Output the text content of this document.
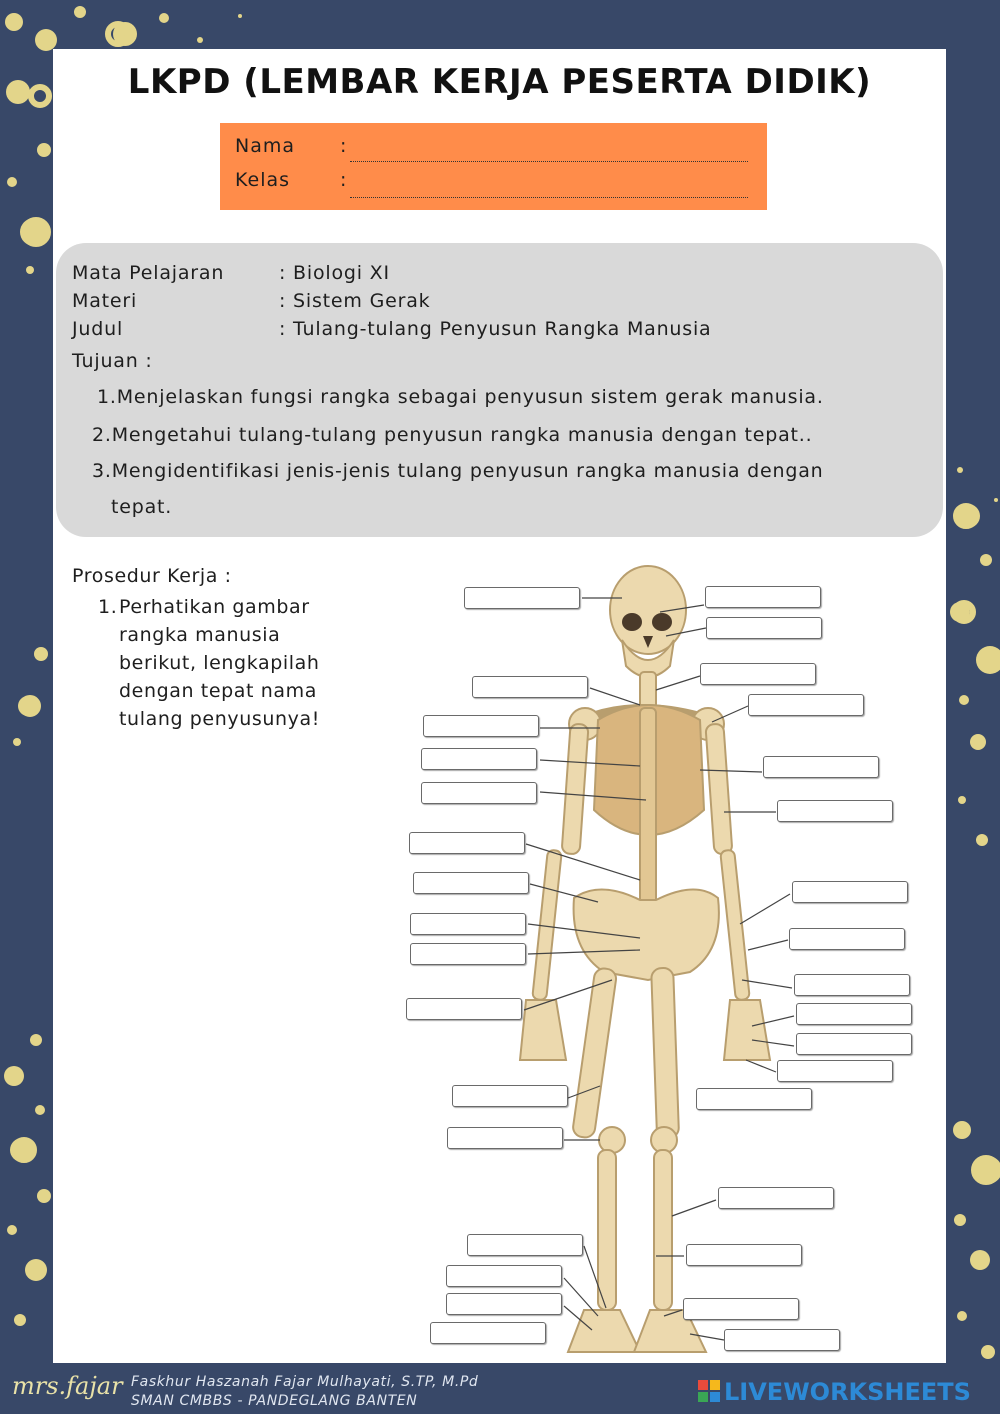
LKPD (LEMBAR KERJA PESERTA DIDIK)
Nama :
Kelas	:
Mata Pelajaran	: Biologi XI
Materi	: Sistem Gerak
Judul	: Tulang-tulang Penyusun Rangka Manusia
Tujuan :
1.Menjelaskan fungsi rangka sebagai penyusun sistem gerak manusia.
2.Mengetahui tulang-tulang penyusun rangka manusia dengan tepat..
3.Mengidentifikasi jenis-jenis tulang penyusun rangka manusia dengan
tepat.
Prosedur Kerja :
1. Perhatikan gambar rangka manusia berikut, lengkapilah dengan tepat nama tulang penyusunya!
mrs.fajar Faskhur Haszanah Fajar Mulhayati, S.TP, M.Pd
SMAN CMBBS - PANDEGLANG BANTEN	LIVEWORKSHEETS
